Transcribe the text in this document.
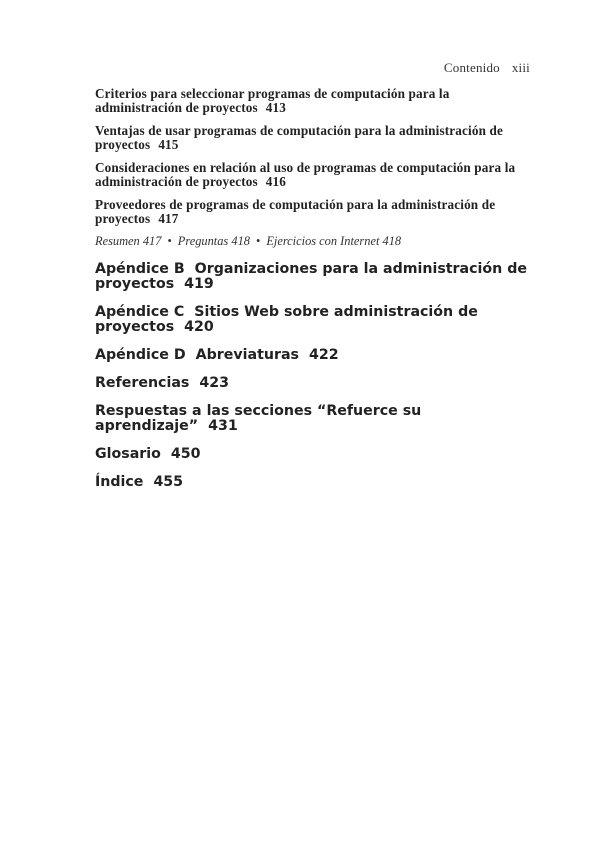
Contenido xiii
Criterios para seleccionar programas de computación para la administración de proyectos 413
Ventajas de usar programas de computación para la administración de proyectos 415
Consideraciones en relación al uso de programas de computación para la administración de proyectos 416
Proveedores de programas de computación para la administración de proyectos 417
Resumen 417 • Preguntas 418 • Ejercicios con Internet 418
Apéndice B Organizaciones para la administración de proyectos 419
Apéndice C Sitios Web sobre administración de proyectos 420
Apéndice D Abreviaturas 422
Referencias 423
Respuestas a las secciones “Refuerce su aprendizaje” 431
Glosario 450
Índice 455
